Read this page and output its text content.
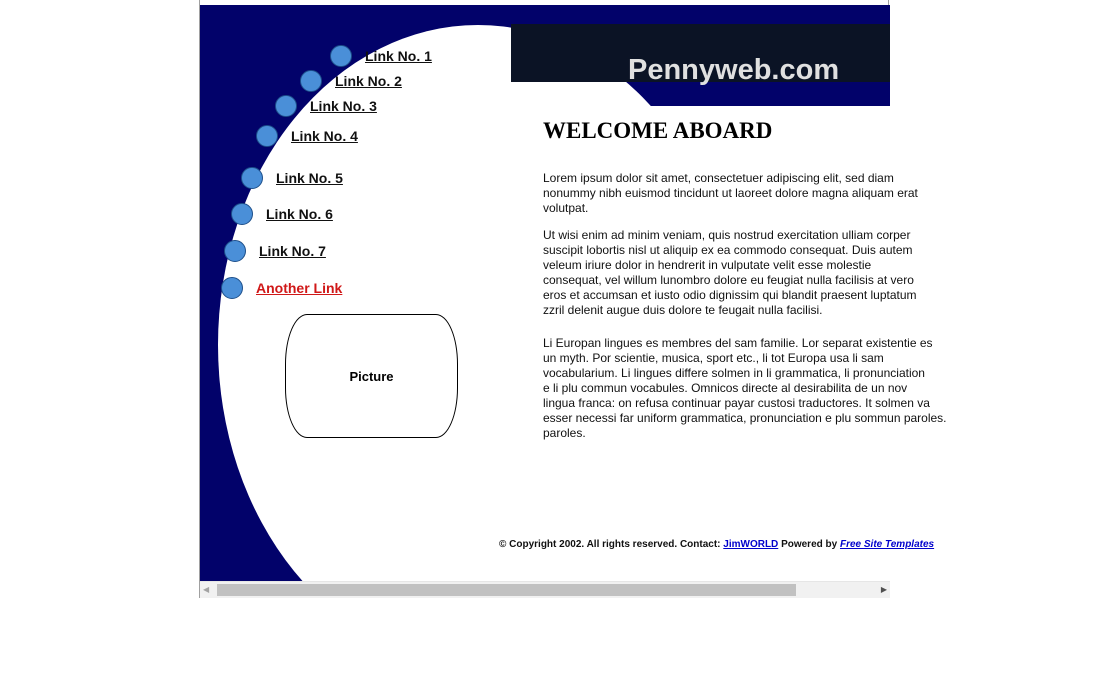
Pennyweb.com
Link No. 1
Link No. 2
Link No. 3
Link No. 4
Link No. 5
Link No. 6
Link No. 7
Another Link
Picture
WELCOME ABOARD
Lorem ipsum dolor sit amet, consectetuer adipiscing elit, sed diam
nonummy nibh euismod tincidunt ut laoreet dolore magna aliquam erat
volutpat.
Ut wisi enim ad minim veniam, quis nostrud exercitation ulliam corper
suscipit lobortis nisl ut aliquip ex ea commodo consequat. Duis autem
veleum iriure dolor in hendrerit in vulputate velit esse molestie
consequat, vel willum lunombro dolore eu feugiat nulla facilisis at vero
eros et accumsan et iusto odio dignissim qui blandit praesent luptatum
zzril delenit augue duis dolore te feugait nulla facilisi.
Li Europan lingues es membres del sam familie. Lor separat existentie es
un myth. Por scientie, musica, sport etc., li tot Europa usa li sam
vocabularium. Li lingues differe solmen in li grammatica, li pronunciation
e li plu commun vocabules. Omnicos directe al desirabilita de un nov
lingua franca: on refusa continuar payar custosi traductores. It solmen va
esser necessi far uniform grammatica, pronunciation e plu sommun paroles.
paroles.
© Copyright 2002. All rights reserved. Contact: JimWORLD Powered by Free Site Templates
◀	▶
